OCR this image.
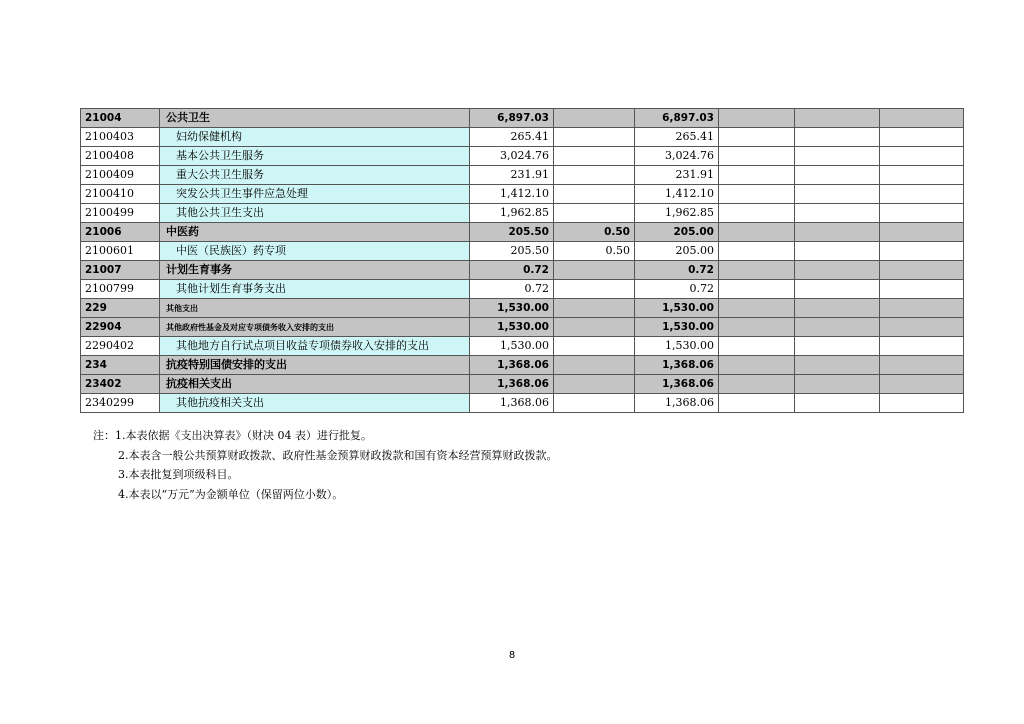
21004	公共卫生	6,897.03		6,897.03			
2100403	妇幼保健机构	265.41		265.41			
2100408	基本公共卫生服务	3,024.76		3,024.76			
2100409	重大公共卫生服务	231.91		231.91			
2100410	突发公共卫生事件应急处理	1,412.10		1,412.10			
2100499	其他公共卫生支出	1,962.85		1,962.85			
21006	中医药	205.50	0.50	205.00			
2100601	中医（民族医）药专项	205.50	0.50	205.00			
21007	计划生育事务	0.72		0.72			
2100799	其他计划生育事务支出	0.72		0.72			
229	其他支出	1,530.00		1,530.00			
22904	其他政府性基金及对应专项债务收入安排的支出	1,530.00		1,530.00			
2290402	其他地方自行试点项目收益专项债券收入安排的支出	1,530.00		1,530.00			
234	抗疫特别国债安排的支出	1,368.06		1,368.06			
23402	抗疫相关支出	1,368.06		1,368.06			
2340299	其他抗疫相关支出	1,368.06		1,368.06			
注：1.本表依据《支出决算表》（财决 04 表）进行批复。
2.本表含一般公共预算财政拨款、政府性基金预算财政拨款和国有资本经营预算财政拨款。
3.本表批复到项级科目。
4.本表以“万元”为金额单位（保留两位小数）。
8
